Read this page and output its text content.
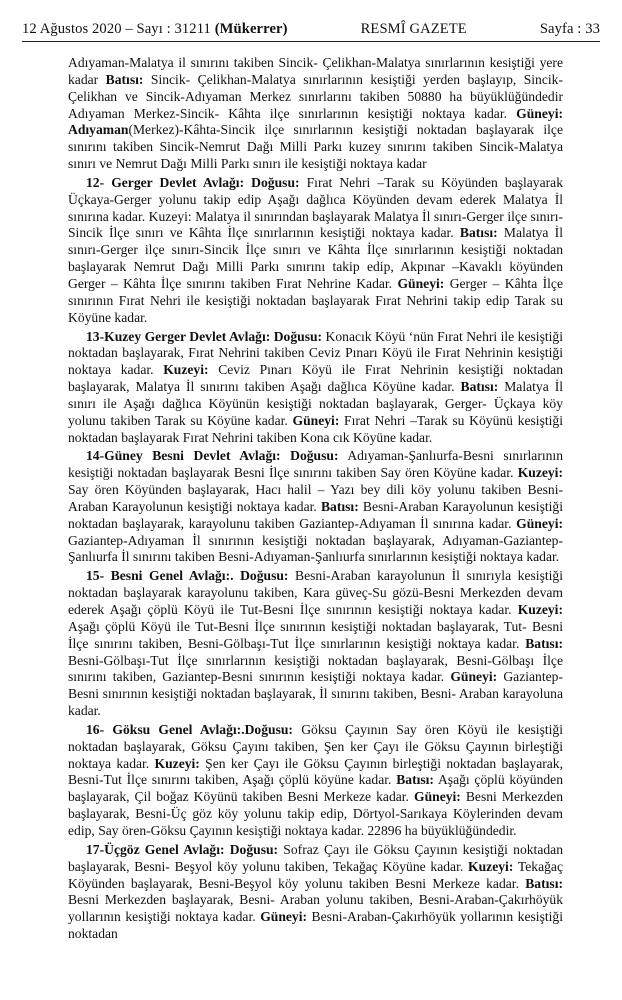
12 Ağustos 2020 – Sayı : 31211 (Mükerrer)	RESMÎ GAZETE	Sayfa : 33

Adıyaman-Malatya il sınırını takiben Sincik- Çelikhan-Malatya sınırlarının kesiştiği yere kadar Batısı: Sincik- Çelikhan-Malatya sınırlarının kesiştiği yerden başlayıp, Sincik-Çelikhan ve Sincik-Adıyaman Merkez sınırlarını takiben 50880 ha büyüklüğündedir Adıyaman Merkez-Sincik- Kâhta ilçe sınırlarının kesiştiği noktaya kadar. Güneyi: Adıyaman(Merkez)-Kâhta-Sincik ilçe sınırlarının kesiştiği noktadan başlayarak ilçe sınırını takiben Sincik-Nemrut Dağı Milli Parkı kuzey sınırını takiben Sincik-Malatya sınırı ve Nemrut Dağı Milli Parkı sınırı ile kesiştiği noktaya kadar

12- Gerger Devlet Avlağı: Doğusu: Fırat Nehri –Tarak su Köyünden başlayarak Üçkaya-Gerger yolunu takip edip Aşağı dağlıca Köyünden devam ederek Malatya İl sınırına kadar. Kuzeyi: Malatya il sınırından başlayarak Malatya İl sınırı-Gerger ilçe sınırı-Sincik İlçe sınırı ve Kâhta İlçe sınırlarının kesiştiği noktaya kadar. Batısı: Malatya İl sınırı-Gerger ilçe sınırı-Sincik İlçe sınırı ve Kâhta İlçe sınırlarının kesiştiği noktadan başlayarak Nemrut Dağı Milli Parkı sınırını takip edip, Akpınar –Kavaklı köyünden Gerger – Kâhta İlçe sınırını takiben Fırat Nehrine Kadar. Güneyi: Gerger – Kâhta İlçe sınırının Fırat Nehri ile kesiştiği noktadan başlayarak Fırat Nehrini takip edip Tarak su Köyüne kadar.

13-Kuzey Gerger Devlet Avlağı: Doğusu: Konacık Köyü ‘nün Fırat Nehri ile kesiştiği noktadan başlayarak, Fırat Nehrini takiben Ceviz Pınarı Köyü ile Fırat Nehrinin kesiştiği noktaya kadar. Kuzeyi: Ceviz Pınarı Köyü ile Fırat Nehrinin kesiştiği noktadan başlayarak, Malatya İl sınırını takiben Aşağı dağlıca Köyüne kadar. Batısı: Malatya İl sınırı ile Aşağı dağlıca Köyünün kesiştiği noktadan başlayarak, Gerger- Üçkaya köy yolunu takiben Tarak su Köyüne kadar. Güneyi: Fırat Nehri –Tarak su Köyünü kesiştiği noktadan başlayarak Fırat Nehrini takiben Kona cık Köyüne kadar.

14-Güney Besni Devlet Avlağı: Doğusu: Adıyaman-Şanlıurfa-Besni sınırlarının kesiştiği noktadan başlayarak Besni İlçe sınırını takiben Say ören Köyüne kadar. Kuzeyi: Say ören Köyünden başlayarak, Hacı halil – Yazı bey dili köy yolunu takiben Besni-Araban Karayolunun kesiştiği noktaya kadar. Batısı: Besni-Araban Karayolunun kesiştiği noktadan başlayarak, karayolunu takiben Gaziantep-Adıyaman İl sınırına kadar. Güneyi: Gaziantep-Adıyaman İl sınırının kesiştiği noktadan başlayarak, Adıyaman-Gaziantep-Şanlıurfa İl sınırını takiben Besni-Adıyaman-Şanlıurfa sınırlarının kesiştiği noktaya kadar.

15- Besni Genel Avlağı:. Doğusu: Besni-Araban karayolunun İl sınırıyla kesiştiği noktadan başlayarak karayolunu takiben, Kara güveç-Su gözü-Besni Merkezden devam ederek Aşağı çöplü Köyü ile Tut-Besni İlçe sınırının kesiştiği noktaya kadar. Kuzeyi: Aşağı çöplü Köyü ile Tut-Besni İlçe sınırının kesiştiği noktadan başlayarak, Tut- Besni İlçe sınırını takiben, Besni-Gölbaşı-Tut İlçe sınırlarının kesiştiği noktaya kadar. Batısı: Besni-Gölbaşı-Tut İlçe sınırlarının kesiştiği noktadan başlayarak, Besni-Gölbaşı İlçe sınırını takiben, Gaziantep-Besni sınırının kesiştiği noktaya kadar. Güneyi: Gaziantep-Besni sınırının kesiştiği noktadan başlayarak, İl sınırını takiben, Besni- Araban karayoluna kadar.

16- Göksu Genel Avlağı:.Doğusu: Göksu Çayının Say ören Köyü ile kesiştiği noktadan başlayarak, Göksu Çayını takiben, Şen ker Çayı ile Göksu Çayının birleştiği noktaya kadar. Kuzeyi: Şen ker Çayı ile Göksu Çayının birleştiği noktadan başlayarak, Besni-Tut İlçe sınırını takiben, Aşağı çöplü köyüne kadar. Batısı: Aşağı çöplü köyünden başlayarak, Çil boğaz Köyünü takiben Besni Merkeze kadar. Güneyi: Besni Merkezden başlayarak, Besni-Üç göz köy yolunu takip edip, Dörtyol-Sarıkaya Köylerinden devam edip, Say ören-Göksu Çayının kesiştiği noktaya kadar. 22896 ha büyüklüğündedir.

17-Üçgöz Genel Avlağı: Doğusu: Sofraz Çayı ile Göksu Çayının kesiştiği noktadan başlayarak, Besni- Beşyol köy yolunu takiben, Tekağaç Köyüne kadar. Kuzeyi: Tekağaç Köyünden başlayarak, Besni-Beşyol köy yolunu takiben Besni Merkeze kadar. Batısı: Besni Merkezden başlayarak, Besni- Araban yolunu takiben, Besni-Araban-Çakırhöyük yollarının kesiştiği noktaya kadar. Güneyi: Besni-Araban-Çakırhöyük yollarının kesiştiği noktadan
